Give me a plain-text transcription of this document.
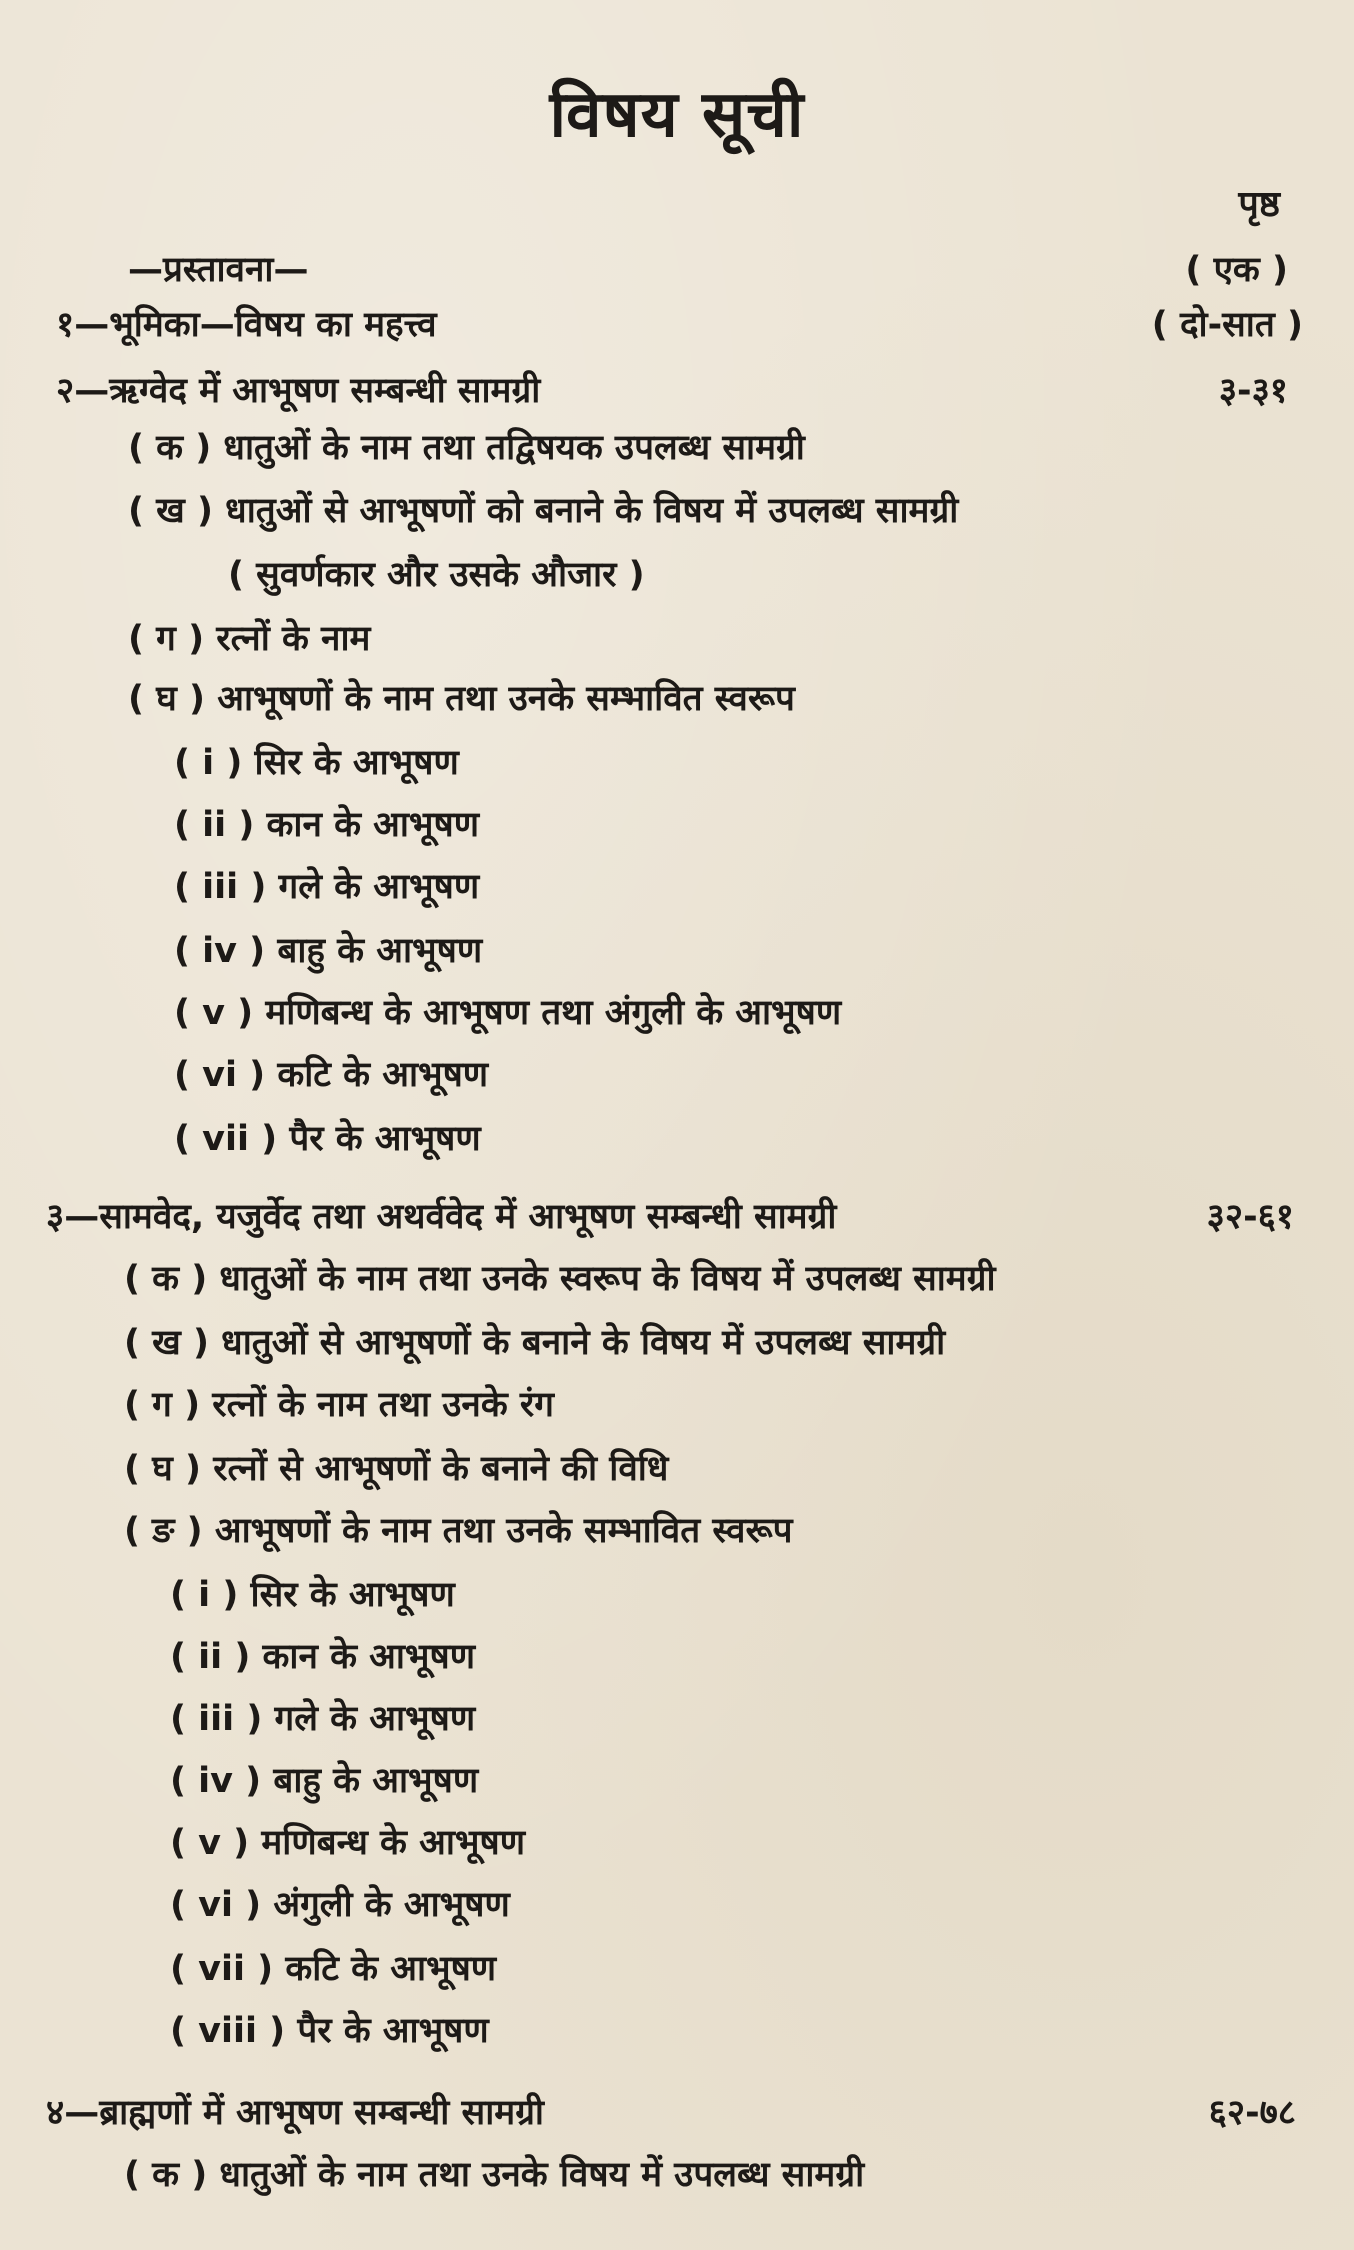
विषय सूची
पृष्ठ
—प्रस्तावना—	( एक )
१—भूमिका—विषय का महत्त्व	( दो-सात )
२—ऋग्वेद में आभूषण सम्बन्धी सामग्री	३-३१
( क ) धातुओं के नाम तथा तद्विषयक उपलब्ध सामग्री
( ख ) धातुओं से आभूषणों को बनाने के विषय में उपलब्ध सामग्री
( सुवर्णकार और उसके औजार )
( ग ) रत्नों के नाम
( घ ) आभूषणों के नाम तथा उनके सम्भावित स्वरूप
( i ) सिर के आभूषण
( ii ) कान के आभूषण
( iii ) गले के आभूषण
( iv ) बाहु के आभूषण
( v ) मणिबन्ध के आभूषण तथा अंगुली के आभूषण
( vi ) कटि के आभूषण
( vii ) पैर के आभूषण
३—सामवेद, यजुर्वेद तथा अथर्ववेद में आभूषण सम्बन्धी सामग्री	३२-६१
( क ) धातुओं के नाम तथा उनके स्वरूप के विषय में उपलब्ध सामग्री
( ख ) धातुओं से आभूषणों के बनाने के विषय में उपलब्ध सामग्री
( ग ) रत्नों के नाम तथा उनके रंग
( घ ) रत्नों से आभूषणों के बनाने की विधि
( ङ ) आभूषणों के नाम तथा उनके सम्भावित स्वरूप
( i ) सिर के आभूषण
( ii ) कान के आभूषण
( iii ) गले के आभूषण
( iv ) बाहु के आभूषण
( v ) मणिबन्ध के आभूषण
( vi ) अंगुली के आभूषण
( vii ) कटि के आभूषण
( viii ) पैर के आभूषण
४—ब्राह्मणों में आभूषण सम्बन्धी सामग्री	६२-७८
( क ) धातुओं के नाम तथा उनके विषय में उपलब्ध सामग्री
